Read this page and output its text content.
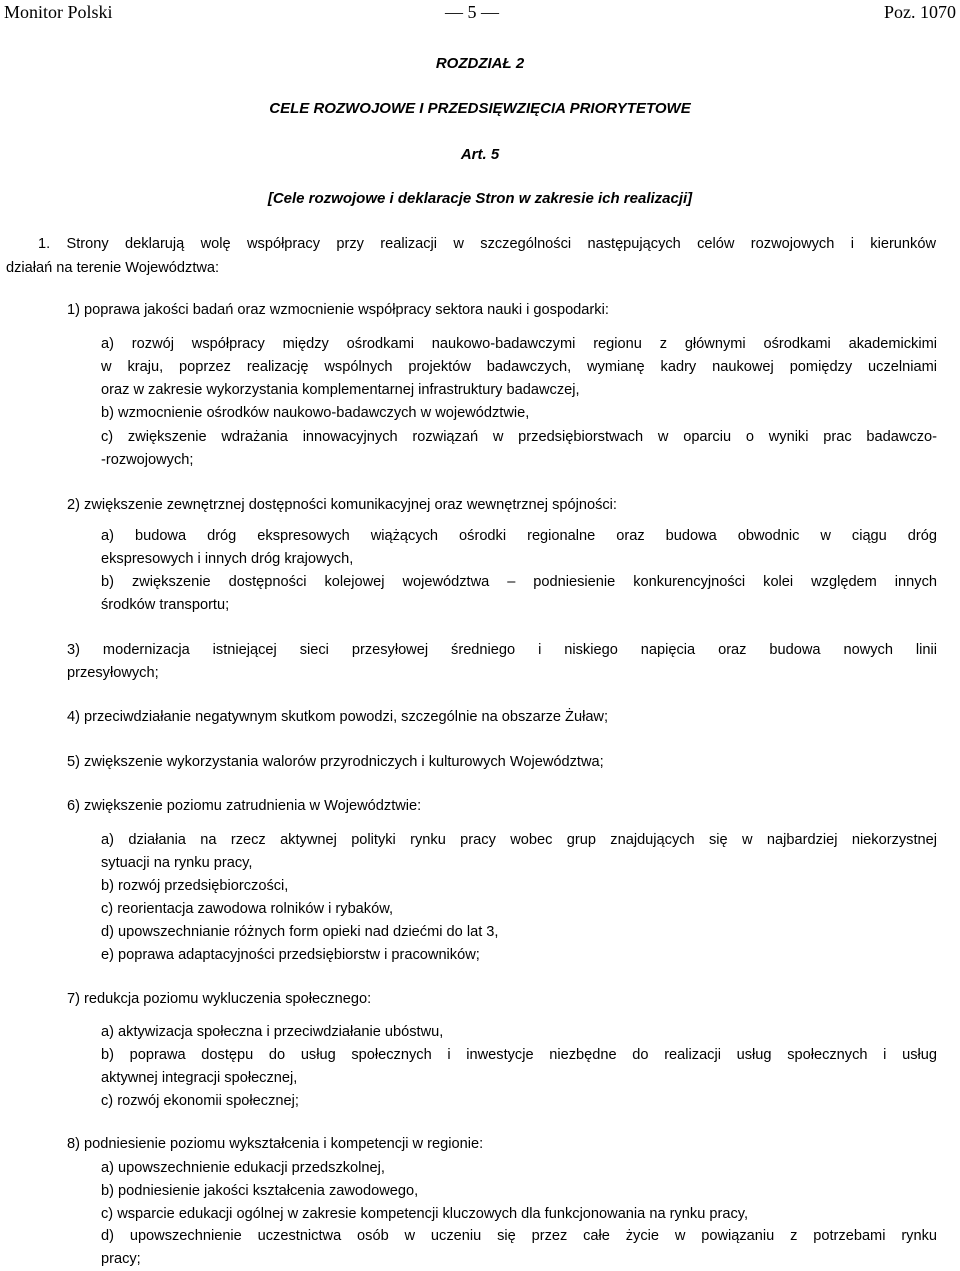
Monitor Polski	— 5 —	Poz. 1070
ROZDZIAŁ 2
CELE ROZWOJOWE I PRZEDSIĘWZIĘCIA PRIORYTETOWE
Art. 5
[Cele rozwojowe i deklaracje Stron w zakresie ich realizacji]
1. Strony deklarują wolę współpracy przy realizacji w szczególności następujących celów rozwojowych i kierunków
działań na terenie Województwa:
1) poprawa jakości badań oraz wzmocnienie współpracy sektora nauki i gospodarki:
a) rozwój współpracy między ośrodkami naukowo-badawczymi regionu z głównymi ośrodkami akademickimi
w kraju, poprzez realizację wspólnych projektów badawczych, wymianę kadry naukowej pomiędzy uczelniami
oraz w zakresie wykorzystania komplementarnej infrastruktury badawczej,
b) wzmocnienie ośrodków naukowo-badawczych w województwie,
c) zwiększenie wdrażania innowacyjnych rozwiązań w przedsiębiorstwach w oparciu o wyniki prac badawczo-
-rozwojowych;
2) zwiększenie zewnętrznej dostępności komunikacyjnej oraz wewnętrznej spójności:
a) budowa dróg ekspresowych wiążących ośrodki regionalne oraz budowa obwodnic w ciągu dróg
ekspresowych i innych dróg krajowych,
b) zwiększenie dostępności kolejowej województwa – podniesienie konkurencyjności kolei względem innych
środków transportu;
3) modernizacja istniejącej sieci przesyłowej średniego i niskiego napięcia oraz budowa nowych linii
przesyłowych;
4) przeciwdziałanie negatywnym skutkom powodzi, szczególnie na obszarze Żuław;
5) zwiększenie wykorzystania walorów przyrodniczych i kulturowych Województwa;
6) zwiększenie poziomu zatrudnienia w Województwie:
a) działania na rzecz aktywnej polityki rynku pracy wobec grup znajdujących się w najbardziej niekorzystnej
sytuacji na rynku pracy,
b) rozwój przedsiębiorczości,
c) reorientacja zawodowa rolników i rybaków,
d) upowszechnianie różnych form opieki nad dziećmi do lat 3,
e) poprawa adaptacyjności przedsiębiorstw i pracowników;
7) redukcja poziomu wykluczenia społecznego:
a) aktywizacja społeczna i przeciwdziałanie ubóstwu,
b) poprawa dostępu do usług społecznych i inwestycje niezbędne do realizacji usług społecznych i usług
aktywnej integracji społecznej,
c) rozwój ekonomii społecznej;
8) podniesienie poziomu wykształcenia i kompetencji w regionie:
a) upowszechnienie edukacji przedszkolnej,
b) podniesienie jakości kształcenia zawodowego,
c) wsparcie edukacji ogólnej w zakresie kompetencji kluczowych dla funkcjonowania na rynku pracy,
d) upowszechnienie uczestnictwa osób w uczeniu się przez całe życie w powiązaniu z potrzebami rynku
pracy;
